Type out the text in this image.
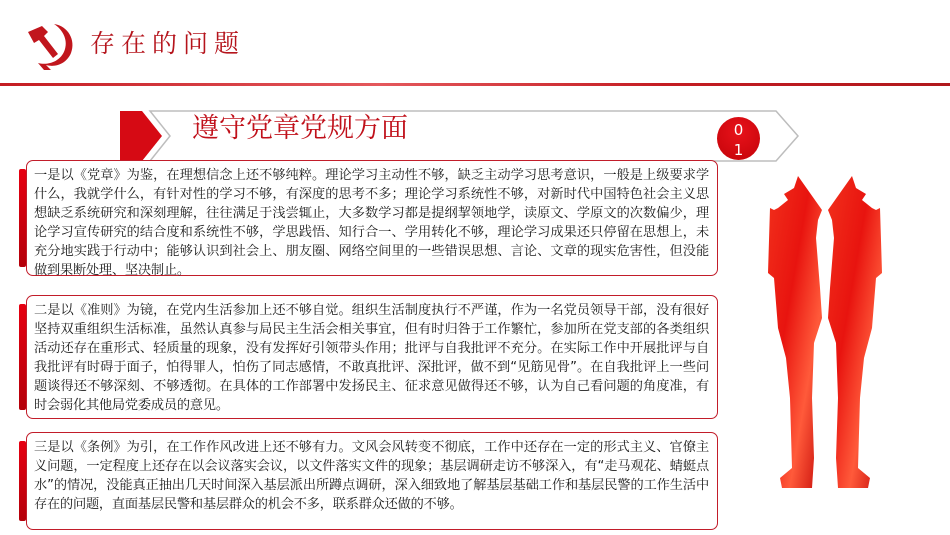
存在的问题
遵守党章党规方面	01
一是以《党章》为鉴，在理想信念上还不够纯粹。理论学习主动性不够，缺乏主动学习思考意识，一般是上级要求学什么，我就学什么，有针对性的学习不够，有深度的思考不多；理论学习系统性不够，对新时代中国特色社会主义思想缺乏系统研究和深刻理解，往往满足于浅尝辄止，大多数学习都是提纲挈领地学，读原文、学原文的次数偏少，理论学习宣传研究的结合度和系统性不够，学思践悟、知行合一、学用转化不够，理论学习成果还只停留在思想上，未充分地实践于行动中；能够认识到社会上、朋友圈、网络空间里的一些错误思想、言论、文章的现实危害性，但没能做到果断处理、坚决制止。
二是以《准则》为镜，在党内生活参加上还不够自觉。组织生活制度执行不严谨，作为一名党员领导干部，没有很好坚持双重组织生活标准，虽然认真参与局民主生活会相关事宜，但有时归咎于工作繁忙，参加所在党支部的各类组织活动还存在重形式、轻质量的现象，没有发挥好引领带头作用；批评与自我批评不充分。在实际工作中开展批评与自我批评有时碍于面子，怕得罪人，怕伤了同志感情，不敢真批评、深批评，做不到“见筋见骨”。在自我批评上一些问题谈得还不够深刻、不够透彻。在具体的工作部署中发扬民主、征求意见做得还不够，认为自己看问题的角度准，有时会弱化其他局党委成员的意见。
三是以《条例》为引，在工作作风改进上还不够有力。文风会风转变不彻底，工作中还存在一定的形式主义、官僚主义问题，一定程度上还存在以会议落实会议，以文件落实文件的现象；基层调研走访不够深入，有“走马观花、蜻蜓点水”的情况，没能真正抽出几天时间深入基层派出所蹲点调研，深入细致地了解基层基础工作和基层民警的工作生活中存在的问题，直面基层民警和基层群众的机会不多，联系群众还做的不够。
